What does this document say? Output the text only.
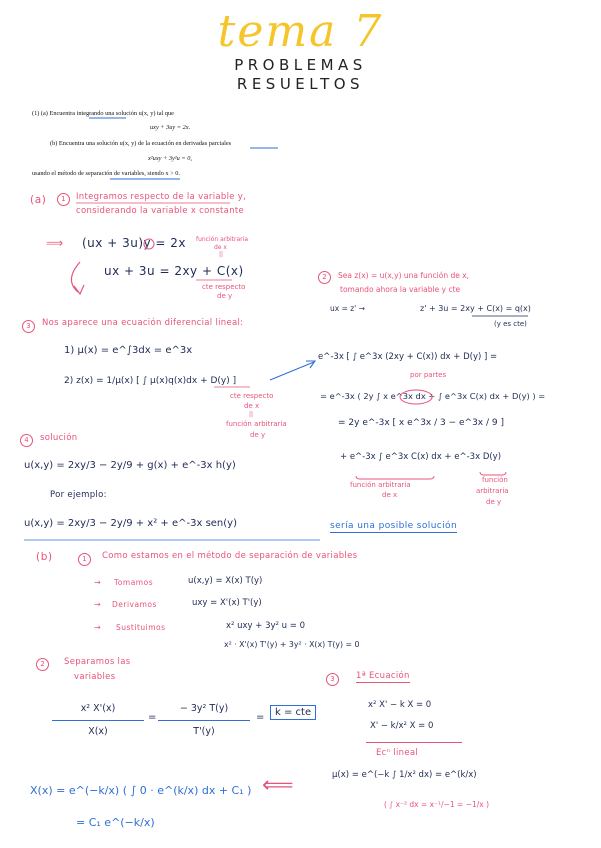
tema 7
PROBLEMAS
RESUELTOS
(1) (a) Encuentra integrando una solución u(x, y) tal que
uxy + 3uy = 2x.
(b) Encuentra una solución u(x, y) de la ecuación en derivadas parciales
x²uxy + 3y²u = 0,
usando el método de separación de variables, siendo x > 0.
(a)	1	Integramos respecto de la variable y,
considerando la variable x constante
⟹ (ux + 3u)y = 2x función arbitraria
de x
||
ux + 3u = 2xy + C(x)
cte respecto
de y
2	Sea z(x) = u(x,y) una función de x,
tomando ahora la variable y cte
ux = z' →	z' + 3u = 2xy + C(x) = q(x)
(y es cte)
3	Nos aparece una ecuación diferencial lineal:
1) μ(x) = e^∫3dx = e^3x
2) z(x) = 1/μ(x) [ ∫ μ(x)q(x)dx + D(y) ]
cte respecto
de x
||
función arbitraria
de y
e^-3x [ ∫ e^3x (2xy + C(x)) dx + D(y) ] =
por partes
= e^-3x ( 2y ∫ x e^3x dx + ∫ e^3x C(x) dx + D(y) ) =
= 2y e^-3x [ x e^3x / 3 − e^3x / 9 ]
+ e^-3x ∫ e^3x C(x) dx + e^-3x D(y)
función arbitraria
de x
función
arbitraria
de y
4	solución
u(x,y) = 2xy/3 − 2y/9 + g(x) + e^-3x h(y)
Por ejemplo:
u(x,y) = 2xy/3 − 2y/9 + x² + e^-3x sen(y)	sería una posible solución
(b)	1	Como estamos en el método de separación de variables
→ Tomamos	u(x,y) = X(x) T(y)
→ Derivamos	uxy = X'(x) T'(y)
→ Sustituimos	x² uxy + 3y² u = 0
x² · X'(x) T'(y) + 3y² · X(x) T(y) = 0
2	Separamos las
variables
x² X'(x)
X(x)
=
− 3y² T(y)
T'(y)
=	k = cte
3	1ª Ecuación
x² X' − k X = 0
X' − k/x² X = 0
Ecⁿ lineal
μ(x) = e^(−k ∫ 1/x² dx) = e^(k/x)
( ∫ x⁻² dx = x⁻¹/−1 = −1/x )
⟸
X(x) = e^(−k/x) ( ∫ 0 · e^(k/x) dx + C₁ )
= C₁ e^(−k/x)
